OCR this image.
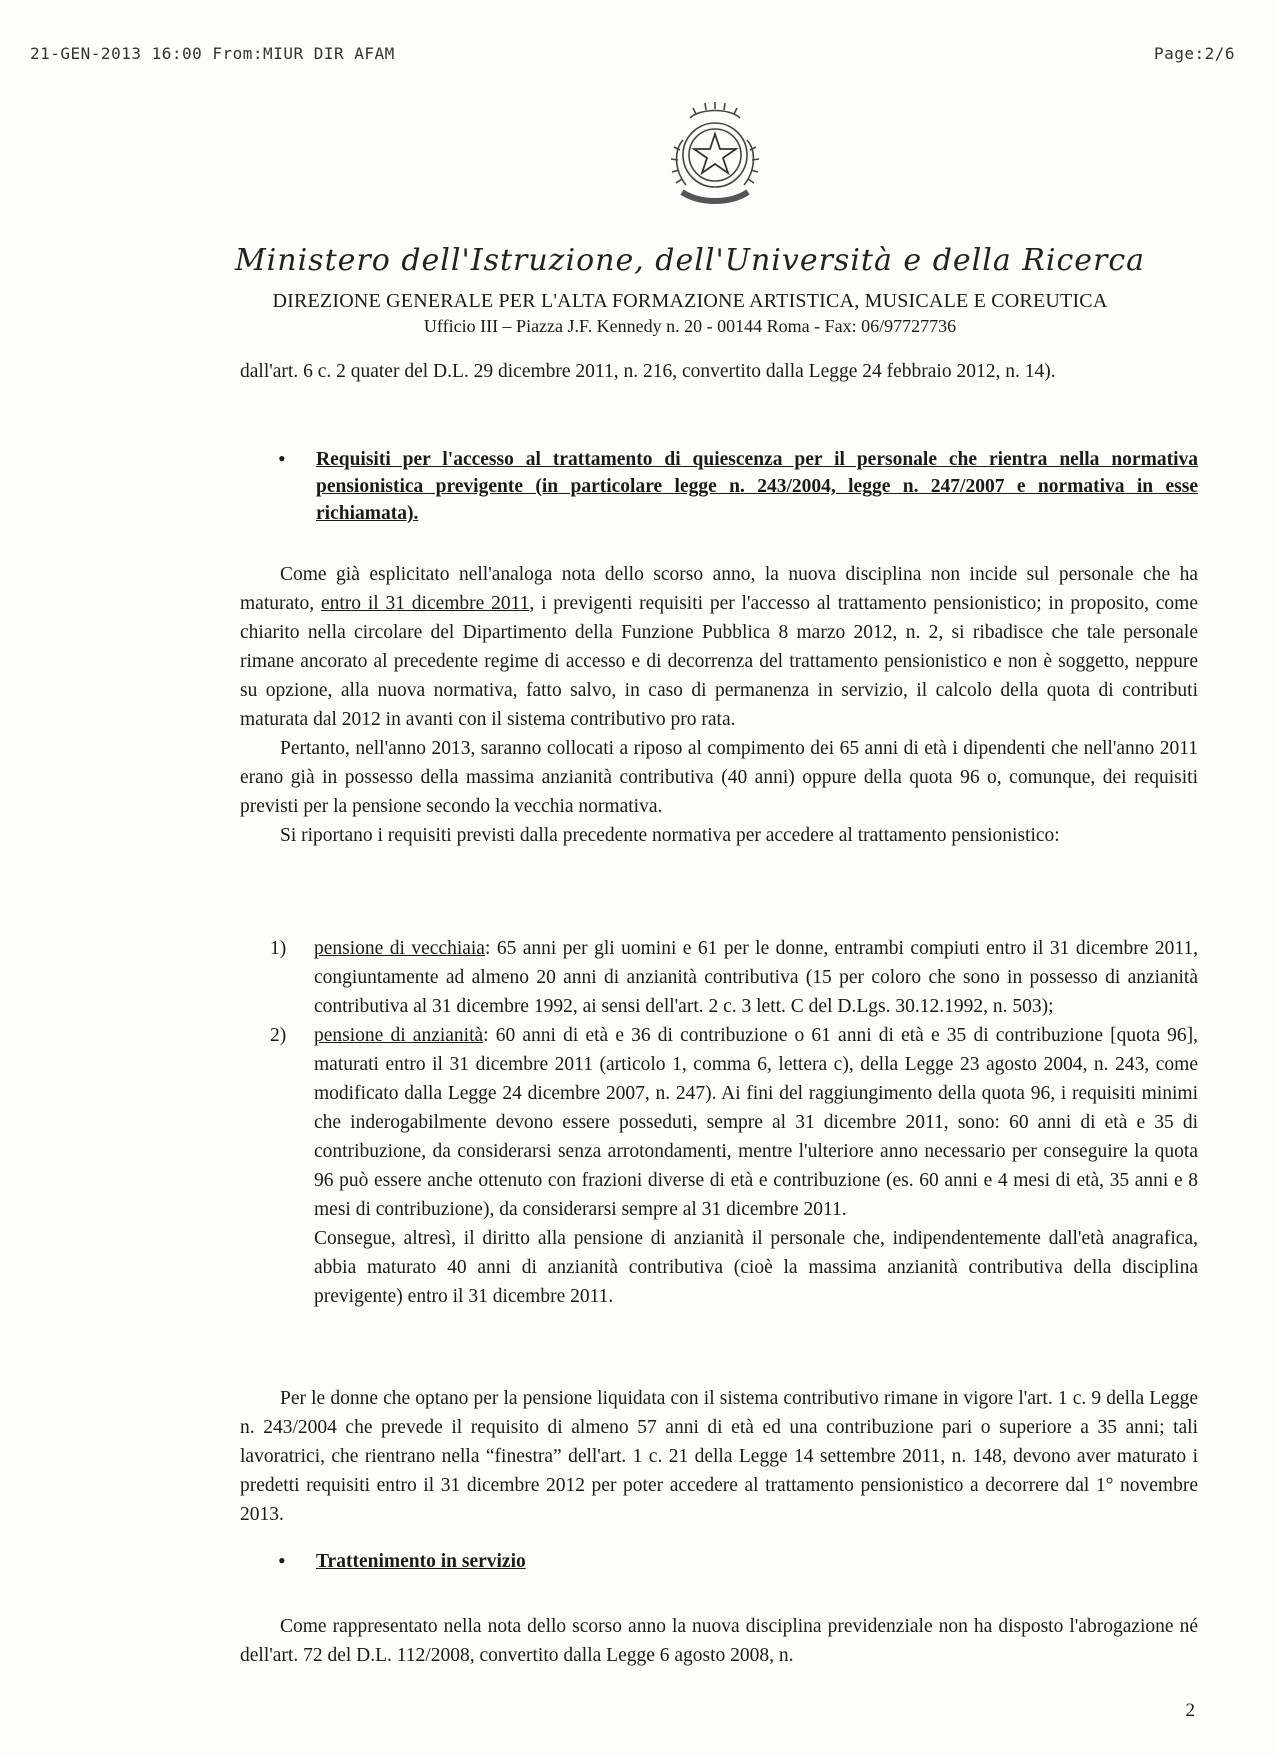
21-GEN-2013 16:00 From:MIUR DIR AFAM	Page:2/6
Ministero dell'Istruzione, dell'Università e della Ricerca
DIREZIONE GENERALE PER L'ALTA FORMAZIONE ARTISTICA, MUSICALE E COREUTICA
Ufficio III – Piazza J.F. Kennedy n. 20 - 00144 Roma - Fax: 06/97727736
dall'art. 6 c. 2 quater del D.L. 29 dicembre 2011, n. 216, convertito dalla Legge 24 febbraio 2012, n. 14).
• Requisiti per l'accesso al trattamento di quiescenza per il personale che rientra nella normativa pensionistica previgente (in particolare legge n. 243/2004, legge n. 247/2007 e normativa in esse richiamata).

Come già esplicitato nell'analoga nota dello scorso anno, la nuova disciplina non incide sul personale che ha maturato, entro il 31 dicembre 2011, i previgenti requisiti per l'accesso al trattamento pensionistico; in proposito, come chiarito nella circolare del Dipartimento della Funzione Pubblica 8 marzo 2012, n. 2, si ribadisce che tale personale rimane ancorato al precedente regime di accesso e di decorrenza del trattamento pensionistico e non è soggetto, neppure su opzione, alla nuova normativa, fatto salvo, in caso di permanenza in servizio, il calcolo della quota di contributi maturata dal 2012 in avanti con il sistema contributivo pro rata.

Pertanto, nell'anno 2013, saranno collocati a riposo al compimento dei 65 anni di età i dipendenti che nell'anno 2011 erano già in possesso della massima anzianità contributiva (40 anni) oppure della quota 96 o, comunque, dei requisiti previsti per la pensione secondo la vecchia normativa.

Si riportano i requisiti previsti dalla precedente normativa per accedere al trattamento pensionistico:

1) pensione di vecchiaia: 65 anni per gli uomini e 61 per le donne, entrambi compiuti entro il 31 dicembre 2011, congiuntamente ad almeno 20 anni di anzianità contributiva (15 per coloro che sono in possesso di anzianità contributiva al 31 dicembre 1992, ai sensi dell'art. 2 c. 3 lett. C del D.Lgs. 30.12.1992, n. 503);

2) pensione di anzianità: 60 anni di età e 36 di contribuzione o 61 anni di età e 35 di contribuzione [quota 96], maturati entro il 31 dicembre 2011 (articolo 1, comma 6, lettera c), della Legge 23 agosto 2004, n. 243, come modificato dalla Legge 24 dicembre 2007, n. 247). Ai fini del raggiungimento della quota 96, i requisiti minimi che inderogabilmente devono essere posseduti, sempre al 31 dicembre 2011, sono: 60 anni di età e 35 di contribuzione, da considerarsi senza arrotondamenti, mentre l'ulteriore anno necessario per conseguire la quota 96 può essere anche ottenuto con frazioni diverse di età e contribuzione (es. 60 anni e 4 mesi di età, 35 anni e 8 mesi di contribuzione), da considerarsi sempre al 31 dicembre 2011.

Consegue, altresì, il diritto alla pensione di anzianità il personale che, indipendentemente dall'età anagrafica, abbia maturato 40 anni di anzianità contributiva (cioè la massima anzianità contributiva della disciplina previgente) entro il 31 dicembre 2011.

Per le donne che optano per la pensione liquidata con il sistema contributivo rimane in vigore l'art. 1 c. 9 della Legge n. 243/2004 che prevede il requisito di almeno 57 anni di età ed una contribuzione pari o superiore a 35 anni; tali lavoratrici, che rientrano nella “finestra” dell'art. 1 c. 21 della Legge 14 settembre 2011, n. 148, devono aver maturato i predetti requisiti entro il 31 dicembre 2012 per poter accedere al trattamento pensionistico a decorrere dal 1° novembre 2013.

• Trattenimento in servizio

Come rappresentato nella nota dello scorso anno la nuova disciplina previdenziale non ha disposto l'abrogazione né dell'art. 72 del D.L. 112/2008, convertito dalla Legge 6 agosto 2008, n.

2
